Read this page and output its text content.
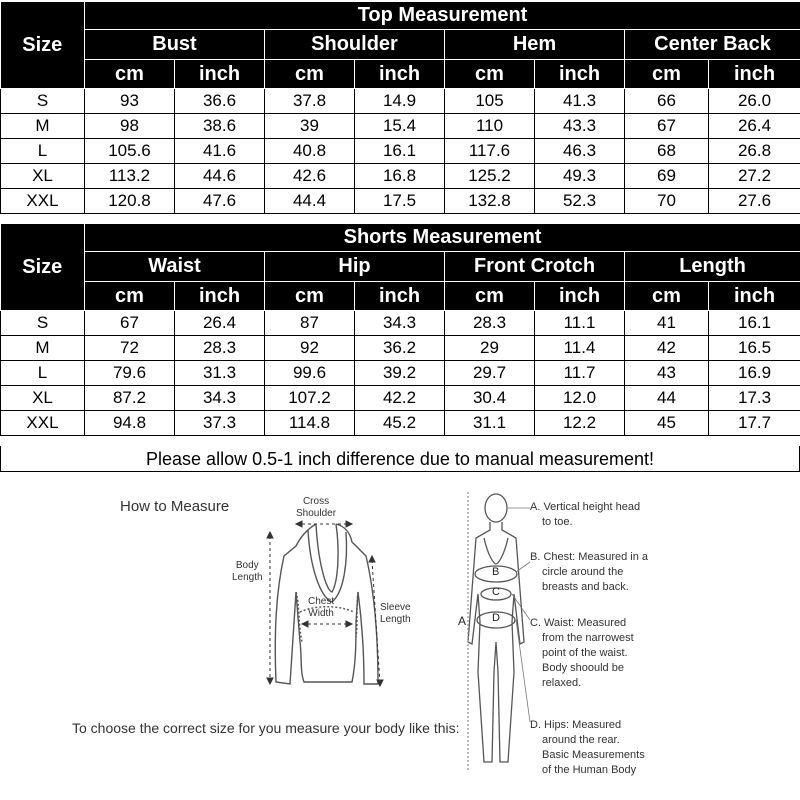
Size	Top Measurement							
	Bust		Shoulder		Hem		Center Back	
	cm	inch	cm	inch	cm	inch	cm	inch
S	93	36.6	37.8	14.9	105	41.3	66	26.0
M	98	38.6	39	15.4	110	43.3	67	26.4
L	105.6	41.6	40.8	16.1	117.6	46.3	68	26.8
XL	113.2	44.6	42.6	16.8	125.2	49.3	69	27.2
XXL	120.8	47.6	44.4	17.5	132.8	52.3	70	27.6
Size	Shorts Measurement							
	Waist		Hip		Front Crotch		Length	
	cm	inch	cm	inch	cm	inch	cm	inch
S	67	26.4	87	34.3	28.3	11.1	41	16.1
M	72	28.3	92	36.2	29	11.4	42	16.5
L	79.6	31.3	99.6	39.2	29.7	11.7	43	16.9
XL	87.2	34.3	107.2	42.2	30.4	12.0	44	17.3
XXL	94.8	37.3	114.8	45.2	31.1	12.2	45	17.7
Please allow 0.5-1 inch difference due to manual measurement!
How to Measure	Cross
Shoulder
Body
Length
Chest
Width
Sleeve
Length	A
B
C
D
A. Vertical height head
to toe.
B. Chest: Measured in a
circle around the
breasts and back.
C. Waist: Measured
from the narrowest
point of the waist.
Body shoould be
relaxed.
D. Hips: Measured
around the rear.
Basic Measurements
of the Human Body
To choose the correct size for you measure your body like this:
